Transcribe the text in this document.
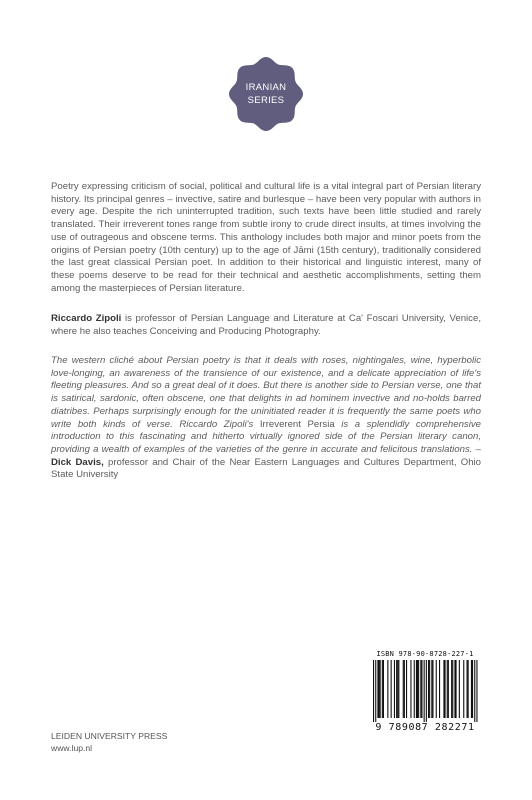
IRANIAN
SERIES

Poetry expressing criticism of social, political and cultural life is a vital integral part of Persian literary history. Its principal genres – invective, satire and burlesque – have been very popular with authors in every age. Despite the rich uninterrupted tradition, such texts have been little studied and rarely translated. Their irreverent tones range from subtle irony to crude direct insults, at times involving the use of outrageous and obscene terms. This anthology includes both major and minor poets from the origins of Persian poetry (10th century) up to the age of Jāmi (15th century), traditionally considered the last great classical Persian poet. In addition to their historical and linguistic interest, many of these poems deserve to be read for their technical and aesthetic accomplishments, setting them among the masterpieces of Persian literature.

Riccardo Zipoli is professor of Persian Language and Literature at Ca' Foscari University, Venice, where he also teaches Conceiving and Producing Photography.

The western cliché about Persian poetry is that it deals with roses, nightingales, wine, hyperbolic love-longing, an awareness of the transience of our existence, and a delicate appreciation of life's fleeting pleasures. And so a great deal of it does. But there is another side to Persian verse, one that is satirical, sardonic, often obscene, one that delights in ad hominem invective and no-holds barred diatribes. Perhaps surprisingly enough for the uninitiated reader it is frequently the same poets who write both kinds of verse. Riccardo Zipoli's Irreverent Persia is a splendidly comprehensive introduction to this fascinating and hitherto virtually ignored side of the Persian literary canon, providing a wealth of examples of the varieties of the genre in accurate and felicitous translations. – Dick Davis, professor and Chair of the Near Eastern Languages and Cultures Department, Ohio State University

LEIDEN UNIVERSITY PRESS
www.lup.nl
ISBN 978-90-8728-227-1
9 789087 282271
